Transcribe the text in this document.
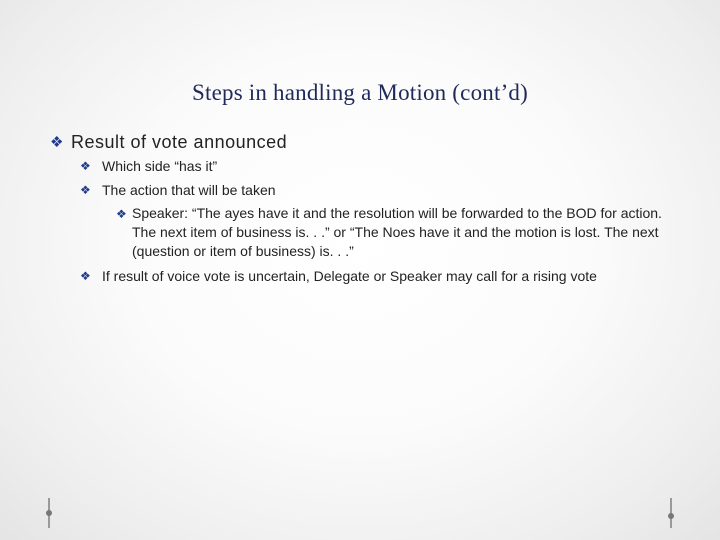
Steps in handling a Motion (cont’d)
❖ Result of vote announced
❖ Which side “has it”
❖ The action that will be taken
❖ Speaker: “The ayes have it and the resolution will be forwarded to the BOD for action. The next item of business is. . .” or “The Noes have it and the motion is lost. The next (question or item of business) is. . .”
❖ If result of voice vote is uncertain, Delegate or Speaker may call for a rising vote
